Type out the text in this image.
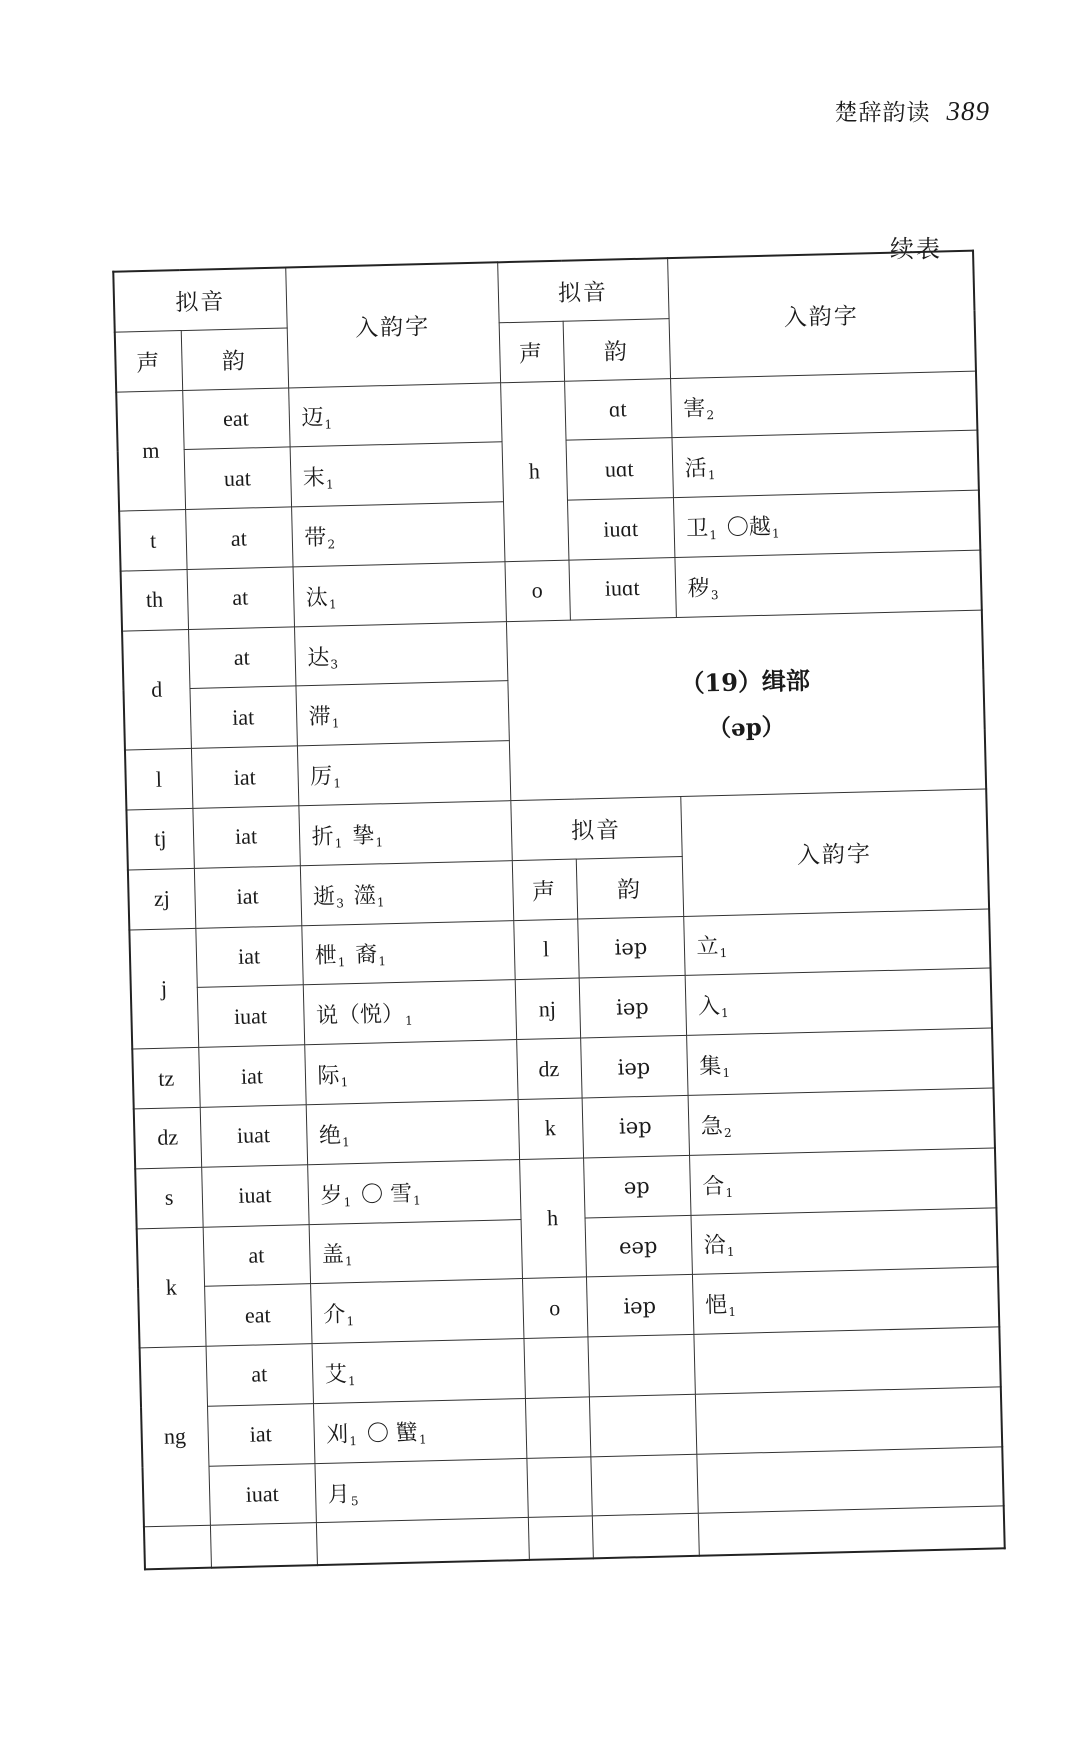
楚辞韵读 389
续表
拟音		入韵字	拟音		入韵字
声	韵		声	韵	
m	eat	迈$_1$	h	ɑt	害$_2$
	uat	末$_1$		uɑt	活$_1$
t	at	带$_2$		iuɑt	卫$_1$ 〇越$_1$
th	at	汰$_1$	o	iuɑt	秽$_3$
d	at	达$_3$	（19）缉部
（əp）		

	iat	滞$_1$
l	iat	厉$_1$
tj	iat	折$_1$ 挚$_1$	拟音		入韵字
zj	iat	逝$_3$ 澨$_1$	声	韵	
j	iat	枻$_1$ 裔$_1$	l	iəp	立$_1$
	iuat	说（悦）$_1$	nj	iəp	入$_1$
tz	iat	际$_1$	dz	iəp	集$_1$
dz	iuat	绝$_1$	k	iəp	急$_2$
s	iuat	岁$_1$ 〇 雪$_1$	h	əp	合$_1$
k	at	盖$_1$		eəp	洽$_1$
	eat	介$_1$	o	iəp	悒$_1$
ng	at	艾$_1$			
	iat	刈$_1$ 〇 蠥$_1$			
	iuat	月$_5$			
